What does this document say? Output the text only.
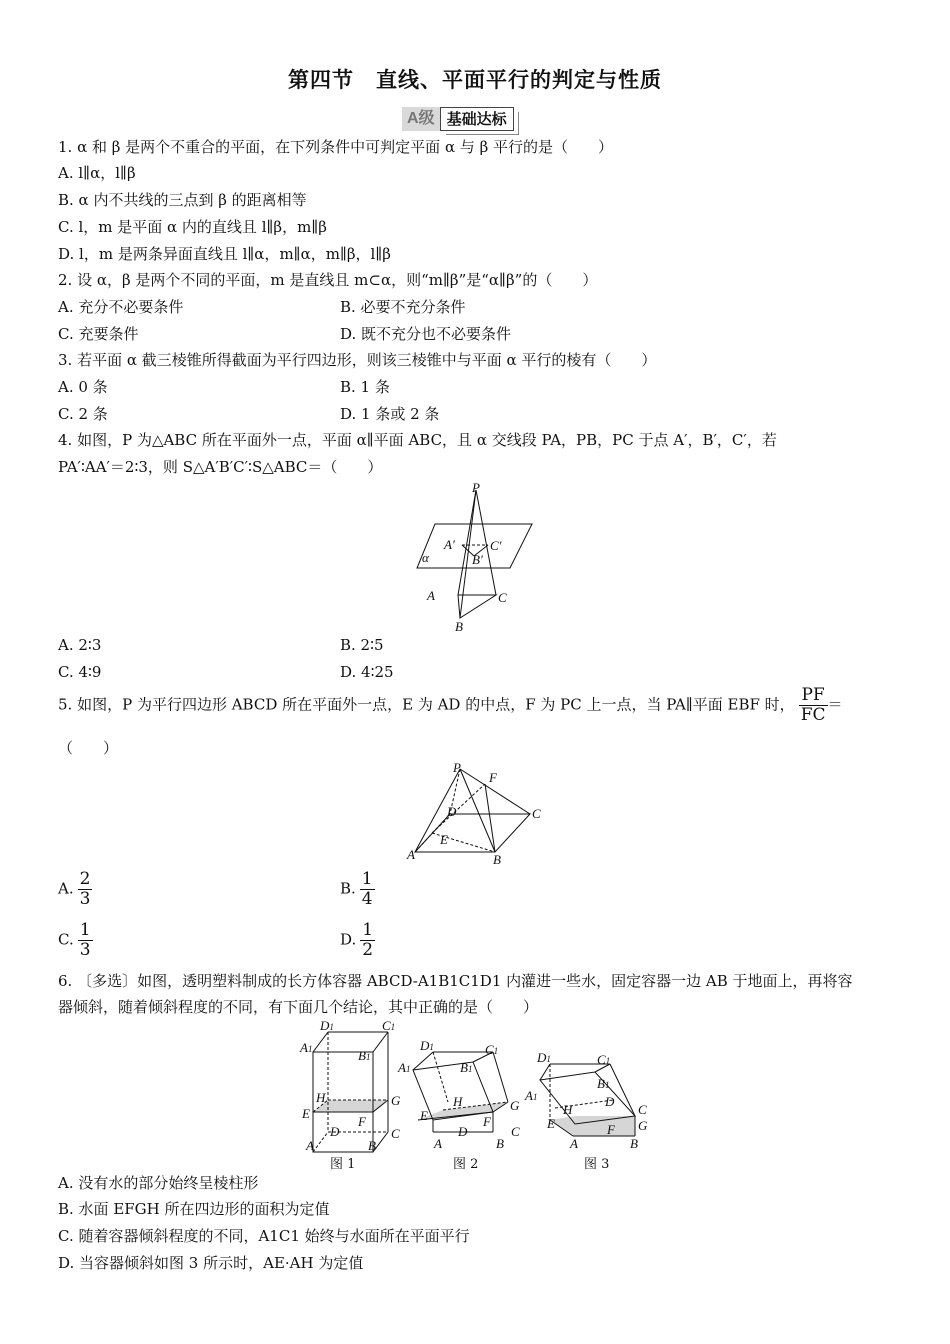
第四节　直线、平面平行的判定与性质
A级 基础达标
1. α 和 β 是两个不重合的平面，在下列条件中可判定平面 α 与 β 平行的是（　　）
A. l∥α，l∥β
B. α 内不共线的三点到 β 的距离相等
C. l，m 是平面 α 内的直线且 l∥β，m∥β
D. l，m 是两条异面直线且 l∥α，m∥α，m∥β，l∥β
2. 设 α，β 是两个不同的平面，m 是直线且 m⊂α，则“m∥β”是“α∥β”的（　　）
A. 充分不必要条件	B. 必要不充分条件
C. 充要条件	D. 既不充分也不必要条件
3. 若平面 α 截三棱锥所得截面为平行四边形，则该三棱锥中与平面 α 平行的棱有（　　）
A. 0 条	B. 1 条
C. 2 条	D. 1 条或 2 条
4. 如图，P 为△ABC 所在平面外一点，平面 α∥平面 ABC，且 α 交线段 PA，PB，PC 于点 A′，B′，C′，若
PA′∶AA′＝2∶3，则 S△A′B′C′∶S△ABC＝（　　）
P
A′	C′
B′
α
A	C
B
A. 2∶3	B. 2∶5
C. 4∶9	D. 4∶25
5. 如图，P 为平行四边形 ABCD 所在平面外一点，E 为 AD 的中点，F 为 PC 上一点，当 PA∥平面 EBF 时， $\frac{PF}{FC}$ ＝
（　　）
P
F
D	C
E
A	B
A. $\frac{2}{3}$	B. $\frac{1}{4}$
C. $\frac{1}{3}$	D. $\frac{1}{2}$
6. 〔多选〕如图，透明塑料制成的长方体容器 ABCD-A1B1C1D1 内灌进一些水，固定容器一边 AB 于地面上，再将容
器倾斜，随着倾斜程度的不同，有下面几个结论，其中正确的是（　　）
D1	C1
A1	B1
H	G
E
F
D	C
A	B
D1	C1
A1	B1
H	G
E	F
D	C
A	B
D1	C1
A1
B1
H
D
C
G
E	F
A	B
图 1	图 2	图 3
A. 没有水的部分始终呈棱柱形
B. 水面 EFGH 所在四边形的面积为定值
C. 随着容器倾斜程度的不同，A1C1 始终与水面所在平面平行
D. 当容器倾斜如图 3 所示时，AE·AH 为定值
